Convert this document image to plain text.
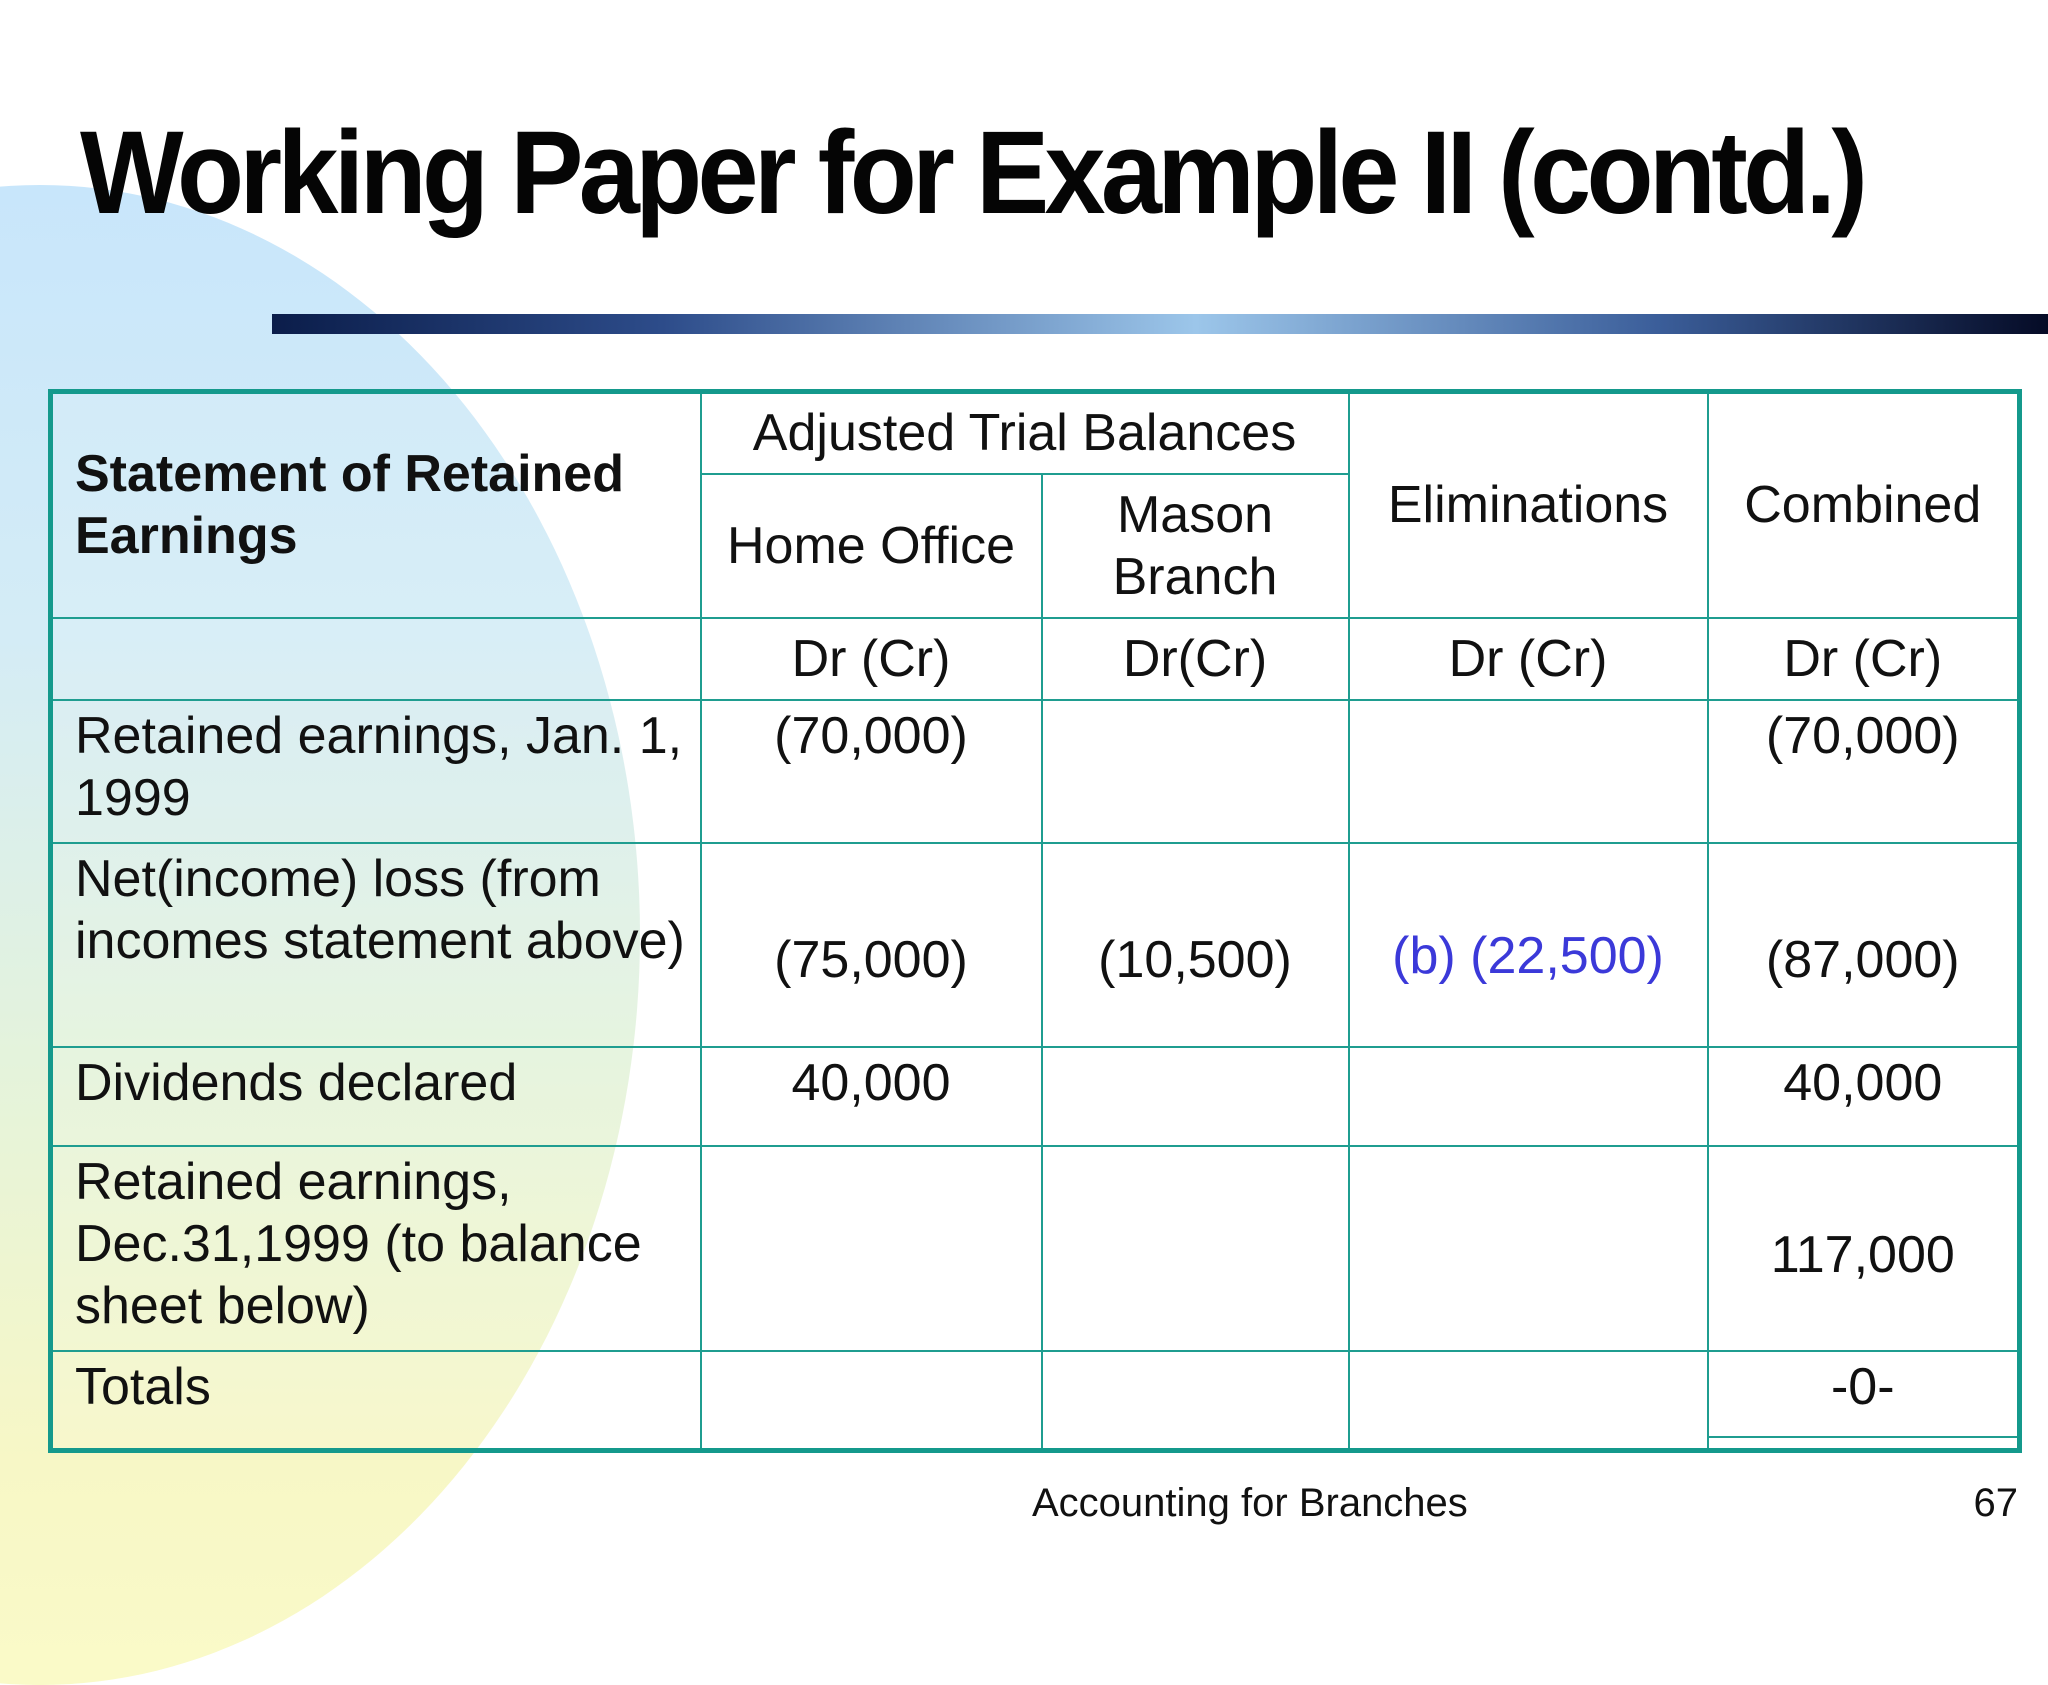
Working Paper for Example II (contd.)
Statement of Retained Earnings	Adjusted Trial Balances		Eliminations	Combined
	Home Office	Mason Branch		
	Dr (Cr)	Dr(Cr)	Dr (Cr)	Dr (Cr)
Retained earnings, Jan. 1, 1999	(70,000)			(70,000)
Net(income) loss (from incomes statement above)	(75,000)	(10,500)	(b) (22,500)	(87,000)
Dividends declared	40,000			40,000
Retained earnings, Dec.31,1999 (to balance sheet below)				117,000
Totals				-0-
Accounting for Branches	67
